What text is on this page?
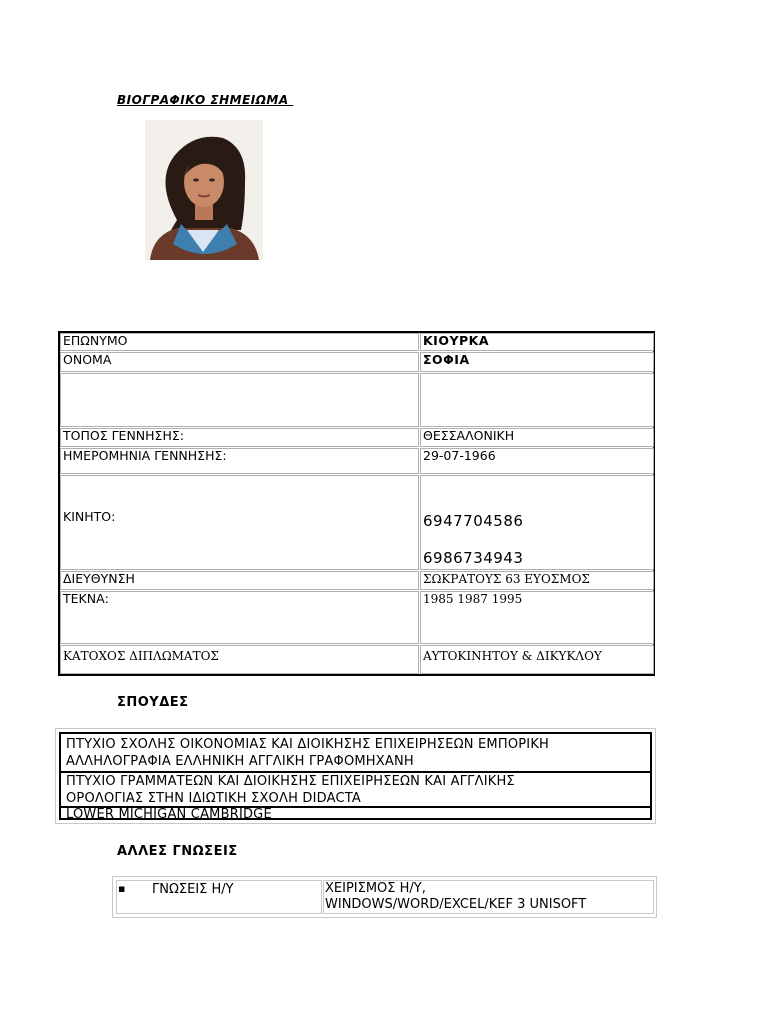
ΒΙΟΓΡΑΦΙΚΟ ΣΗΜΕΙΩΜΑ
ΕΠΩΝΥΜΟ	ΚΙΟΥΡΚΑ
ΟΝΟΜΑ	ΣΟΦΙΑ
ΤΟΠΟΣ ΓΕΝΝΗΣΗΣ:	ΘΕΣΣΑΛΟΝΙΚΗ
ΗΜΕΡΟΜΗΝΙΑ ΓΕΝΝΗΣΗΣ:	29-07-1966
ΚΙΝΗΤΟ:	6947704586
6986734943
ΔΙΕΥΘΥΝΣΗ	ΣΩΚΡΑΤΟΥΣ 63 ΕΥΟΣΜΟΣ
ΤΕΚΝΑ:	1985 1987 1995
ΚΑΤΟΧΟΣ ΔΙΠΛΩΜΑΤΟΣ	ΑΥΤΟΚΙΝΗΤΟΥ & ΔΙΚΥΚΛΟΥ
ΣΠΟΥΔΕΣ
ΠΤΥΧΙΟ ΣΧΟΛΗΣ ΟΙΚΟΝΟΜΙΑΣ ΚΑΙ ΔΙΟΙΚΗΣΗΣ ΕΠΙΧΕΙΡΗΣΕΩΝ ΕΜΠΟΡΙΚΗ
ΑΛΛΗΛΟΓΡΑΦΙΑ ΕΛΛΗΝΙΚΗ ΑΓΓΛΙΚΗ ΓΡΑΦΟΜΗΧΑΝΗ
ΠΤΥΧΙΟ ΓΡΑΜΜΑΤΕΩΝ ΚΑΙ ΔΙΟΙΚΗΣΗΣ ΕΠΙΧΕΙΡΗΣΕΩΝ ΚΑΙ ΑΓΓΛΙΚΗΣ
ΟΡΟΛΟΓΙΑΣ ΣΤΗΝ ΙΔΙΩΤΙΚΗ ΣΧΟΛΗ DIDACTA
LOWER MICHIGAN CAMBRIDGE
ΑΛΛΕΣ ΓΝΩΣΕΙΣ
▪ ΓΝΩΣΕΙΣ Η/Υ	ΧΕΙΡΙΣΜΟΣ Η/Υ,
WINDOWS/WORD/EXCEL/KEF 3 UNISOFT
